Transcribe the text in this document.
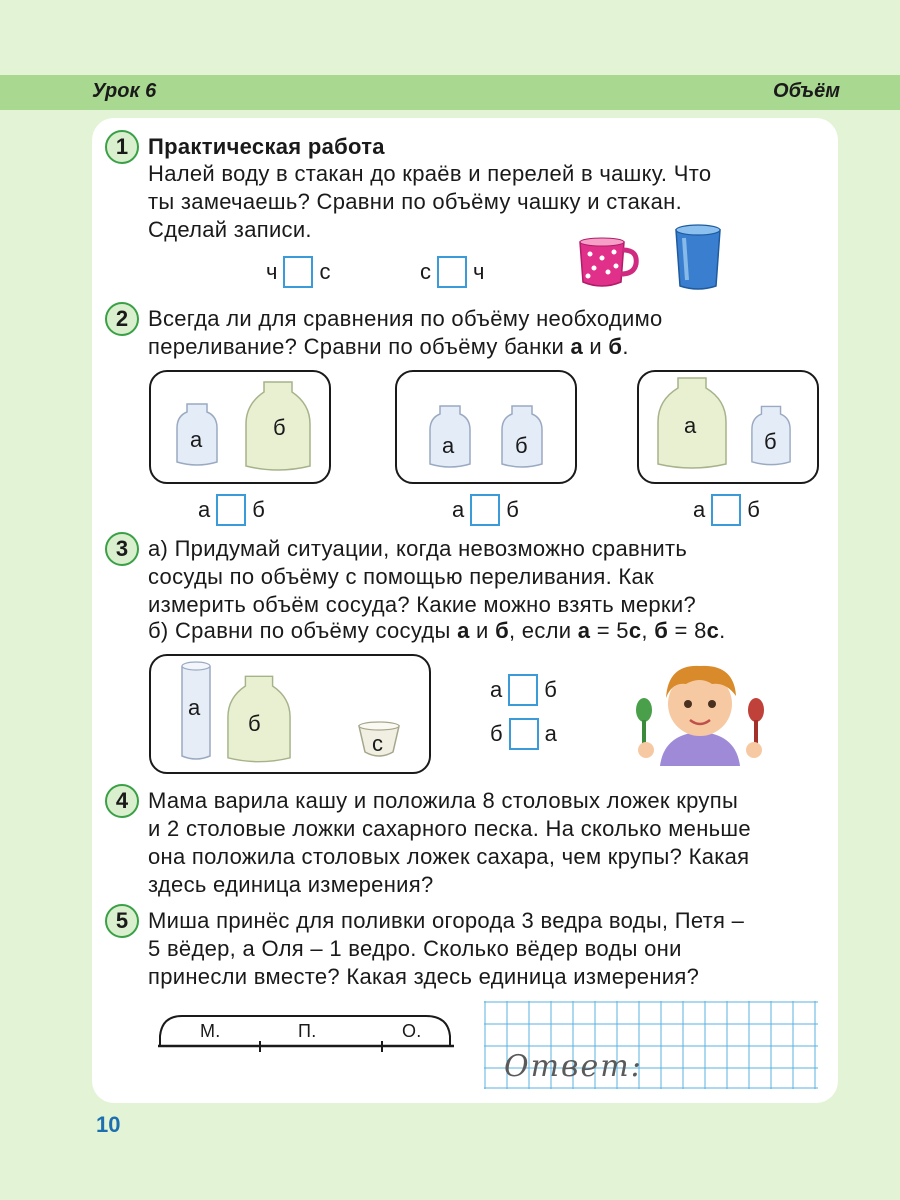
Урок 6	Объём
1 Практическая работа
Налей воду в стакан до краёв и перелей в чашку. Что
ты замечаешь? Сравни по объёму чашку и стакан.
Сделай записи.
ч с	с ч
2 Всегда ли для сравнения по объёму необходимо
переливание? Сравни по объёму банки а и б.
а	б
а	б
а
б
а б	а б	а б
3 а) Придумай ситуации, когда невозможно сравнить
сосуды по объёму с помощью переливания. Как
измерить объём сосуда? Какие можно взять мерки?
б) Сравни по объёму сосуды а и б, если а = 5с, б = 8с.
а
б
с
а б
б а
4 Мама варила кашу и положила 8 столовых ложек крупы
и 2 столовые ложки сахарного песка. На сколько меньше
она положила столовых ложек сахара, чем крупы? Какая
здесь единица измерения?
5 Миша принёс для поливки огорода 3 ведра воды, Петя –
5 вёдер, а Оля – 1 ведро. Сколько вёдер воды они
принесли вместе? Какая здесь единица измерения?
М.	П.	О.
Ответ:
10
